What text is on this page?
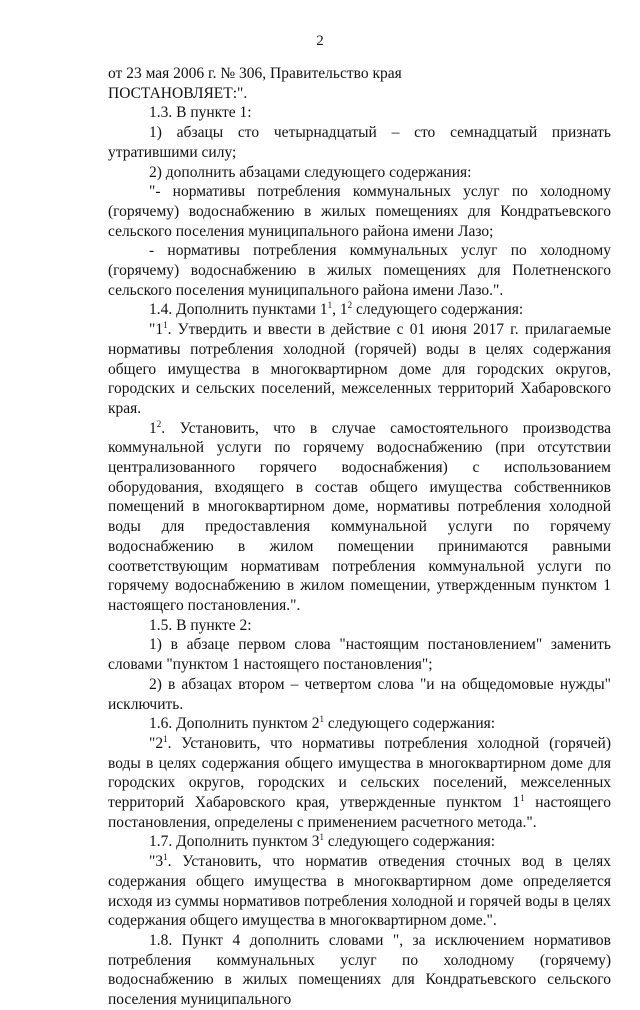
2

от 23 мая 2006 г. № 306, Правительство края

ПОСТАНОВЛЯЕТ:".

1.3. В пункте 1:

1) абзацы сто четырнадцатый – сто семнадцатый признать утратившими силу;

2) дополнить абзацами следующего содержания:

"- нормативы потребления коммунальных услуг по холодному (горячему) водоснабжению в жилых помещениях для Кондратьевского сельского поселения муниципального района имени Лазо;

- нормативы потребления коммунальных услуг по холодному (горячему) водоснабжению в жилых помещениях для Полетненского сельского поселения муниципального района имени Лазо.".

1.4. Дополнить пунктами $1^1$, $1^2$ следующего содержания:

"$1^1$. Утвердить и ввести в действие с 01 июня 2017 г. прилагаемые нормативы потребления холодной (горячей) воды в целях содержания общего имущества в многоквартирном доме для городских округов, городских и сельских поселений, межселенных территорий Хабаровского края.

$1^2$. Установить, что в случае самостоятельного производства коммунальной услуги по горячему водоснабжению (при отсутствии централизованного горячего водоснабжения) с использованием оборудования, входящего в состав общего имущества собственников помещений в многоквартирном доме, нормативы потребления холодной воды для предоставления коммунальной услуги по горячему водоснабжению в жилом помещении принимаются равными соответствующим нормативам потребления коммунальной услуги по горячему водоснабжению в жилом помещении, утвержденным пунктом 1 настоящего постановления.".

1.5. В пункте 2:

1) в абзаце первом слова "настоящим постановлением" заменить словами "пунктом 1 настоящего постановления";

2) в абзацах втором – четвертом слова "и на общедомовые нужды" исключить.

1.6. Дополнить пунктом $2^1$ следующего содержания:

"$2^1$. Установить, что нормативы потребления холодной (горячей) воды в целях содержания общего имущества в многоквартирном доме для городских округов, городских и сельских поселений, межселенных территорий Хабаровского края, утвержденные пунктом $1^1$ настоящего постановления, определены с применением расчетного метода.".

1.7. Дополнить пунктом $3^1$ следующего содержания:

"$3^1$. Установить, что норматив отведения сточных вод в целях содержания общего имущества в многоквартирном доме определяется исходя из суммы нормативов потребления холодной и горячей воды в целях содержания общего имущества в многоквартирном доме.".

1.8. Пункт 4 дополнить словами ", за исключением нормативов потребления коммунальных услуг по холодному (горячему) водоснабжению в жилых помещениях для Кондратьевского сельского поселения муниципального
